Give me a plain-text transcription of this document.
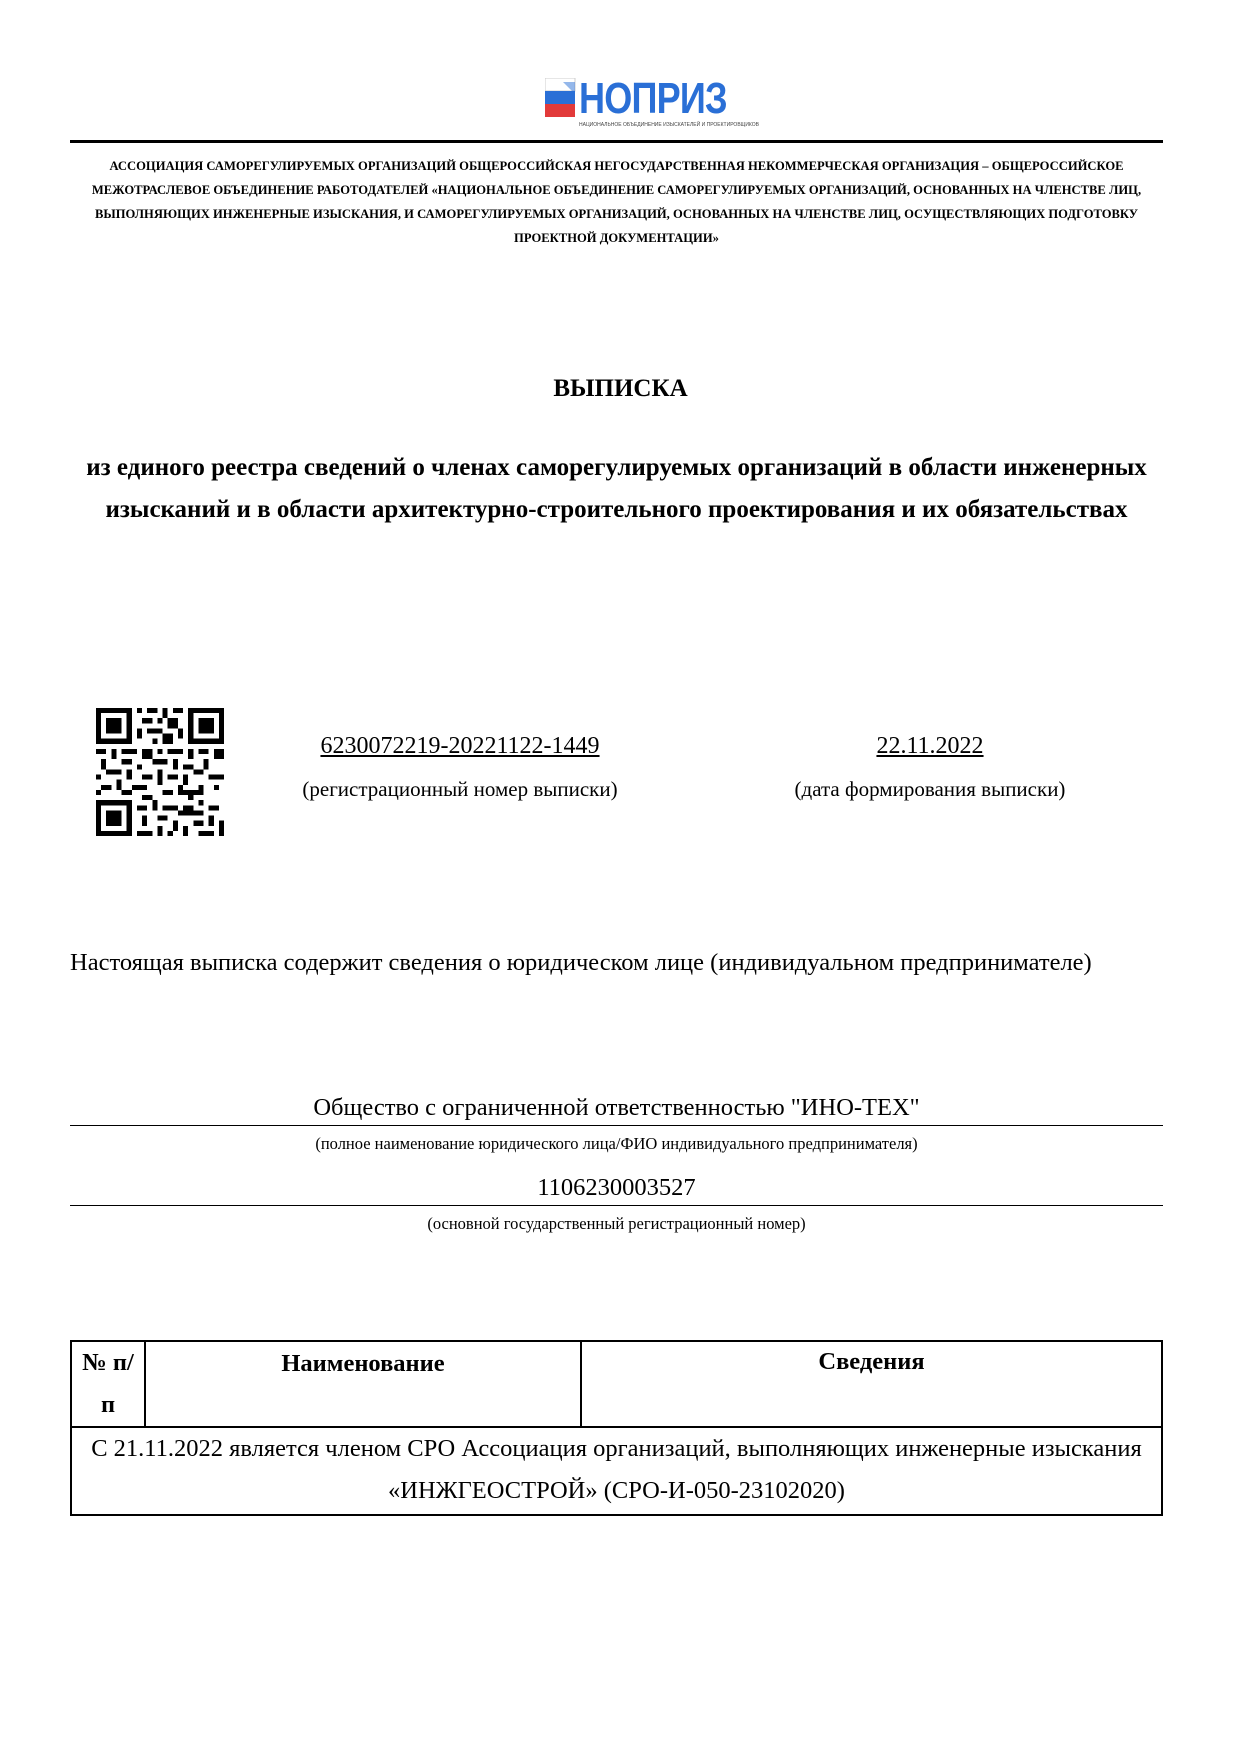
НОПРИЗ
НАЦИОНАЛЬНОЕ ОБЪЕДИНЕНИЕ ИЗЫСКАТЕЛЕЙ И ПРОЕКТИРОВЩИКОВ
АССОЦИАЦИЯ САМОРЕГУЛИРУЕМЫХ ОРГАНИЗАЦИЙ ОБЩЕРОССИЙСКАЯ НЕГОСУДАРСТВЕННАЯ НЕКОММЕРЧЕСКАЯ ОРГАНИЗАЦИЯ – ОБЩЕРОССИЙСКОЕ МЕЖОТРАСЛЕВОЕ ОБЪЕДИНЕНИЕ РАБОТОДАТЕЛЕЙ «НАЦИОНАЛЬНОЕ ОБЪЕДИНЕНИЕ САМОРЕГУЛИРУЕМЫХ ОРГАНИЗАЦИЙ, ОСНОВАННЫХ НА ЧЛЕНСТВЕ ЛИЦ, ВЫПОЛНЯЮЩИХ ИНЖЕНЕРНЫЕ ИЗЫСКАНИЯ, И САМОРЕГУЛИРУЕМЫХ ОРГАНИЗАЦИЙ, ОСНОВАННЫХ НА ЧЛЕНСТВЕ ЛИЦ, ОСУЩЕСТВЛЯЮЩИХ ПОДГОТОВКУ ПРОЕКТНОЙ ДОКУМЕНТАЦИИ»
ВЫПИСКА
из единого реестра сведений о членах саморегулируемых организаций в области инженерных изысканий и в области архитектурно-строительного проектирования и их обязательствах
6230072219-20221122-1449
(регистрационный номер выписки)
22.11.2022
(дата формирования выписки)
Настоящая выписка содержит сведения о юридическом лице (индивидуальном предпринимателе)
Общество с ограниченной ответственностью "ИНО-ТЕХ"
(полное наименование юридического лица/ФИО индивидуального предпринимателя)
1106230003527
(основной государственный регистрационный номер)
№ п/п	Наименование	Сведения
С 21.11.2022 является членом СРО Ассоциация организаций, выполняющих инженерные изыскания «ИНЖГЕОСТРОЙ» (СРО-И-050-23102020)
